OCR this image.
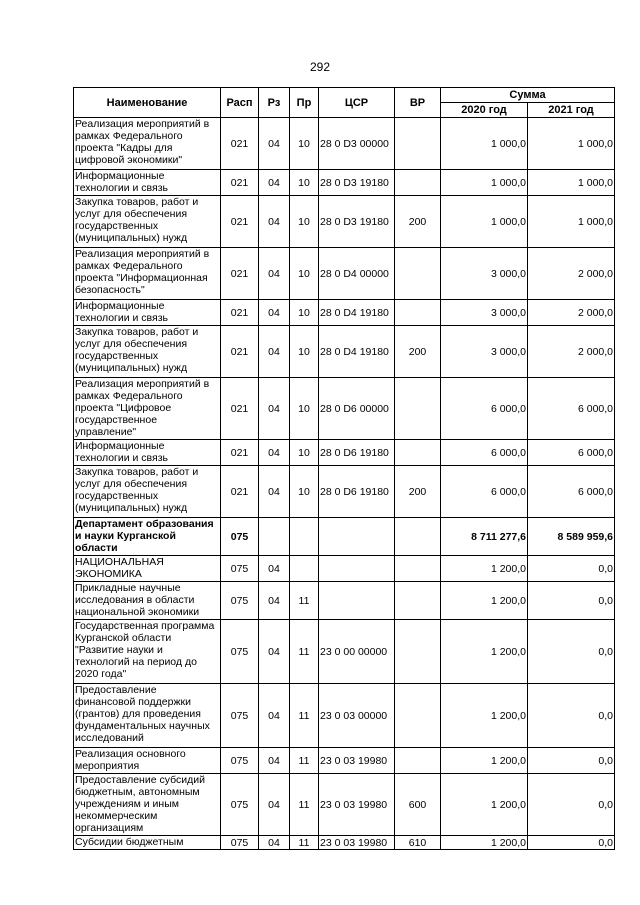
292
Наименование	Расп	Рз	Пр	ЦСР	ВР	Сумма	
						2020 год	2021 год
Реализация мероприятий в рамках Федерального проекта "Кадры для цифровой экономики"	021	04	10	28 0 D3 00000		1 000,0	1 000,0
Информационные технологии и связь	021	04	10	28 0 D3 19180		1 000,0	1 000,0
Закупка товаров, работ и услуг для обеспечения государственных (муниципальных) нужд	021	04	10	28 0 D3 19180	200	1 000,0	1 000,0
Реализация мероприятий в рамках Федерального проекта "Информационная безопасность"	021	04	10	28 0 D4 00000		3 000,0	2 000,0
Информационные технологии и связь	021	04	10	28 0 D4 19180		3 000,0	2 000,0
Закупка товаров, работ и услуг для обеспечения государственных (муниципальных) нужд	021	04	10	28 0 D4 19180	200	3 000,0	2 000,0
Реализация мероприятий в рамках Федерального проекта "Цифровое государственное управление"	021	04	10	28 0 D6 00000		6 000,0	6 000,0
Информационные технологии и связь	021	04	10	28 0 D6 19180		6 000,0	6 000,0
Закупка товаров, работ и услуг для обеспечения государственных (муниципальных) нужд	021	04	10	28 0 D6 19180	200	6 000,0	6 000,0
Департамент образования и науки Курганской области	075					8 711 277,6	8 589 959,6
НАЦИОНАЛЬНАЯ ЭКОНОМИКА	075	04				1 200,0	0,0
Прикладные научные исследования в области национальной экономики	075	04	11			1 200,0	0,0
Государственная программа Курганской области "Развитие науки и технологий на период до 2020 года"	075	04	11	23 0 00 00000		1 200,0	0,0
Предоставление финансовой поддержки (грантов) для проведения фундаментальных научных исследований	075	04	11	23 0 03 00000		1 200,0	0,0
Реализация основного мероприятия	075	04	11	23 0 03 19980		1 200,0	0,0
Предоставление субсидий бюджетным, автономным учреждениям и иным некоммерческим организациям	075	04	11	23 0 03 19980	600	1 200,0	0,0
Субсидии бюджетным	075	04	11	23 0 03 19980	610	1 200,0	0,0
